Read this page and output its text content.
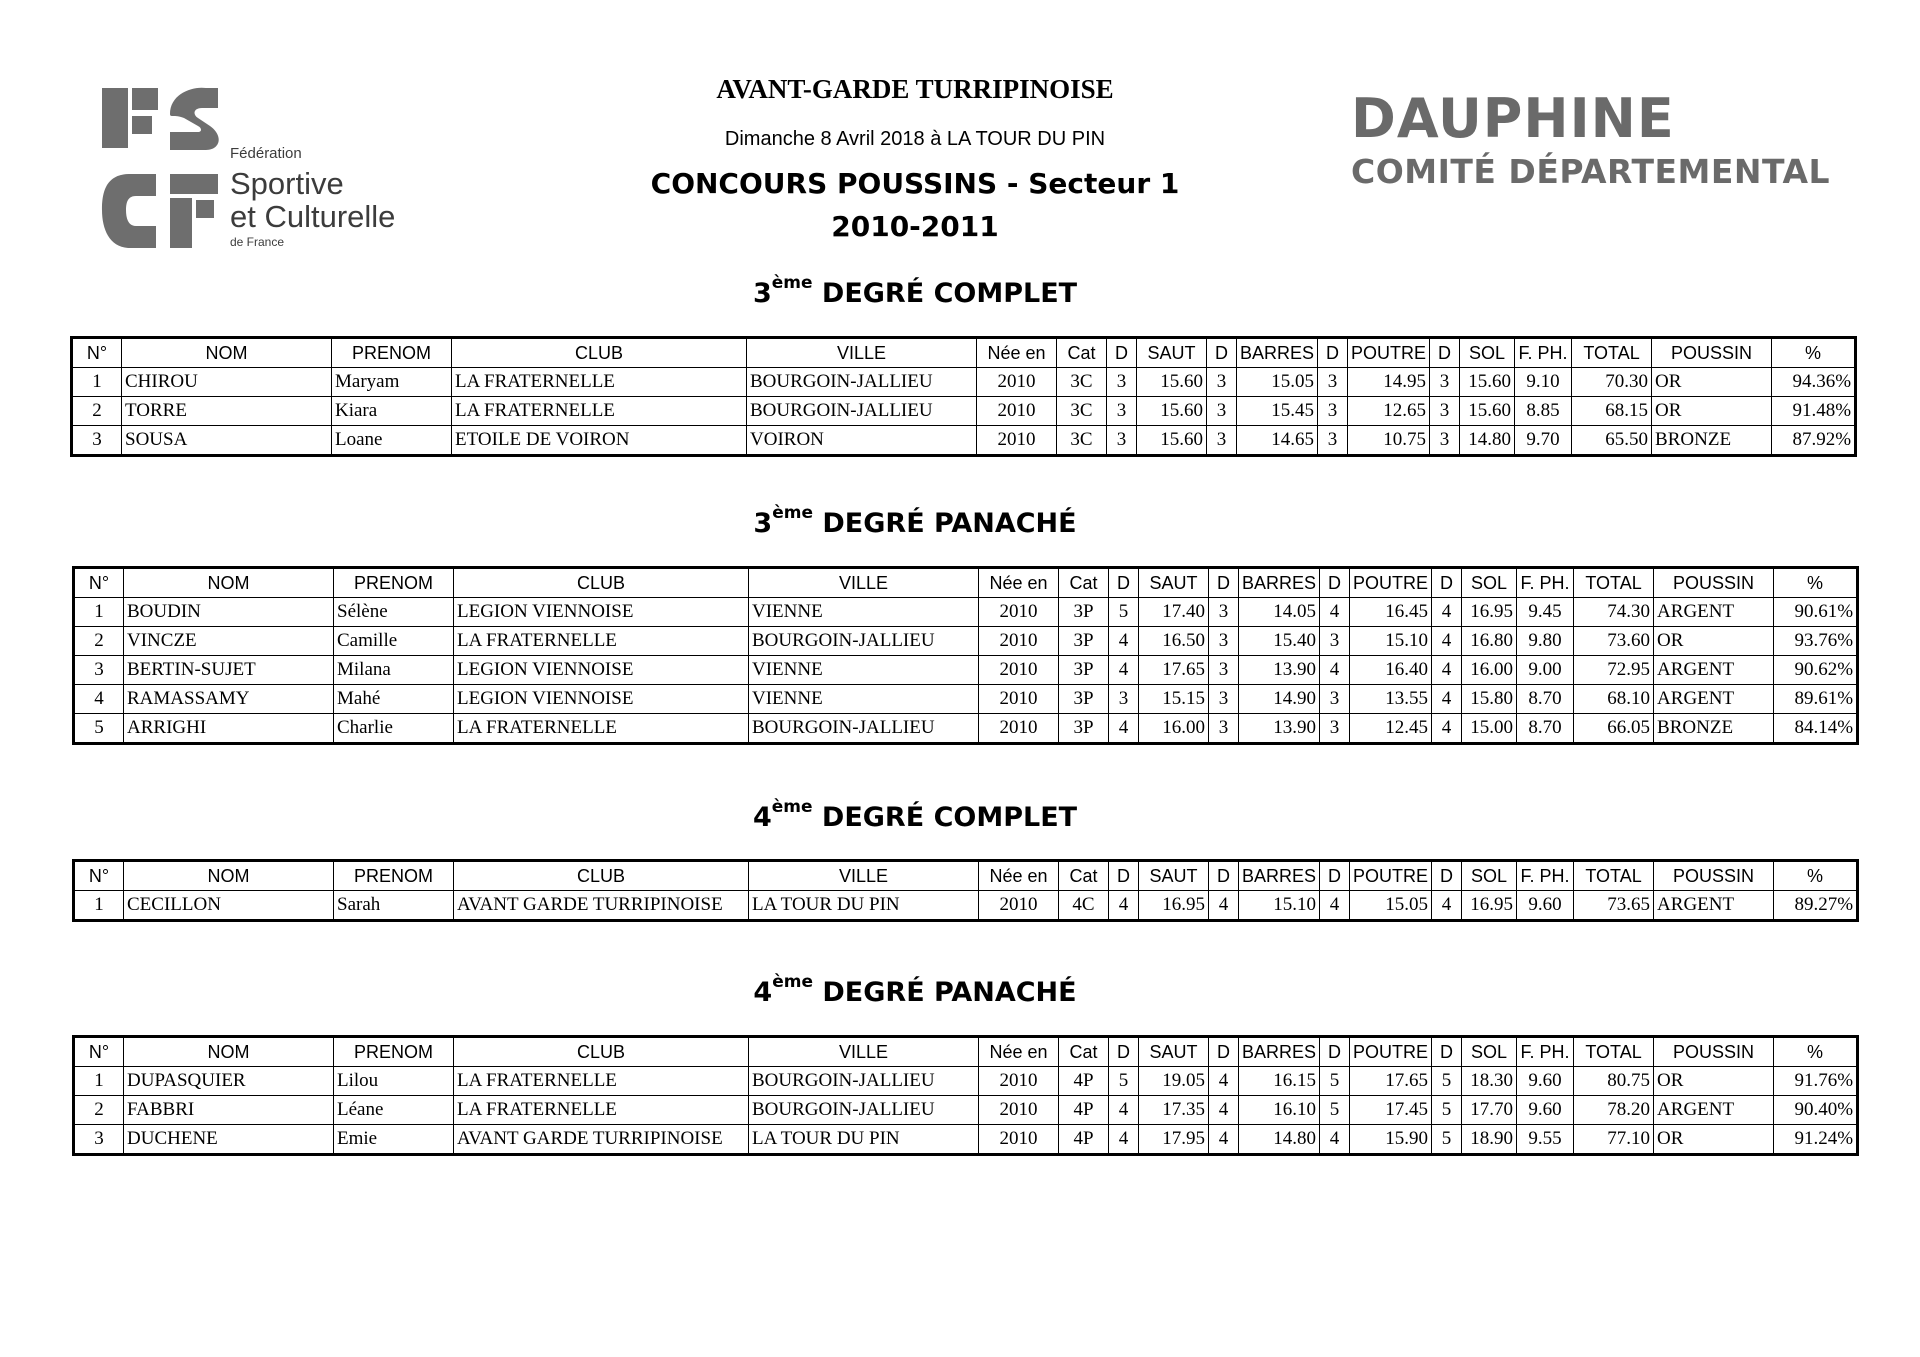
Fédération
Sportive
et Culturelle
de France
DAUPHINE
COMITÉ DÉPARTEMENTAL
AVANT-GARDE TURRIPINOISE
Dimanche 8 Avril 2018 à LA TOUR DU PIN
CONCOURS POUSSINS - Secteur 1
2010-2011
3ème DEGRÉ COMPLET
N°	NOM	PRENOM	CLUB	VILLE	Née en	Cat	D	SAUT	D	BARRES	D	POUTRE	D	SOL	F. PH.	TOTAL	POUSSIN	%
1	CHIROU	Maryam	LA FRATERNELLE	BOURGOIN-JALLIEU	2010	3C	3	15.60	3	15.05	3	14.95	3	15.60	9.10	70.30	OR	94.36%
2	TORRE	Kiara	LA FRATERNELLE	BOURGOIN-JALLIEU	2010	3C	3	15.60	3	15.45	3	12.65	3	15.60	8.85	68.15	OR	91.48%
3	SOUSA	Loane	ETOILE DE VOIRON	VOIRON	2010	3C	3	15.60	3	14.65	3	10.75	3	14.80	9.70	65.50	BRONZE	87.92%
3ème DEGRÉ PANACHÉ
N°	NOM	PRENOM	CLUB	VILLE	Née en	Cat	D	SAUT	D	BARRES	D	POUTRE	D	SOL	F. PH.	TOTAL	POUSSIN	%
1	BOUDIN	Sélène	LEGION VIENNOISE	VIENNE	2010	3P	5	17.40	3	14.05	4	16.45	4	16.95	9.45	74.30	ARGENT	90.61%
2	VINCZE	Camille	LA FRATERNELLE	BOURGOIN-JALLIEU	2010	3P	4	16.50	3	15.40	3	15.10	4	16.80	9.80	73.60	OR	93.76%
3	BERTIN-SUJET	Milana	LEGION VIENNOISE	VIENNE	2010	3P	4	17.65	3	13.90	4	16.40	4	16.00	9.00	72.95	ARGENT	90.62%
4	RAMASSAMY	Mahé	LEGION VIENNOISE	VIENNE	2010	3P	3	15.15	3	14.90	3	13.55	4	15.80	8.70	68.10	ARGENT	89.61%
5	ARRIGHI	Charlie	LA FRATERNELLE	BOURGOIN-JALLIEU	2010	3P	4	16.00	3	13.90	3	12.45	4	15.00	8.70	66.05	BRONZE	84.14%
4ème DEGRÉ COMPLET
N°	NOM	PRENOM	CLUB	VILLE	Née en	Cat	D	SAUT	D	BARRES	D	POUTRE	D	SOL	F. PH.	TOTAL	POUSSIN	%
1	CECILLON	Sarah	AVANT GARDE TURRIPINOISE	LA TOUR DU PIN	2010	4C	4	16.95	4	15.10	4	15.05	4	16.95	9.60	73.65	ARGENT	89.27%
4ème DEGRÉ PANACHÉ
N°	NOM	PRENOM	CLUB	VILLE	Née en	Cat	D	SAUT	D	BARRES	D	POUTRE	D	SOL	F. PH.	TOTAL	POUSSIN	%
1	DUPASQUIER	Lilou	LA FRATERNELLE	BOURGOIN-JALLIEU	2010	4P	5	19.05	4	16.15	5	17.65	5	18.30	9.60	80.75	OR	91.76%
2	FABBRI	Léane	LA FRATERNELLE	BOURGOIN-JALLIEU	2010	4P	4	17.35	4	16.10	5	17.45	5	17.70	9.60	78.20	ARGENT	90.40%
3	DUCHENE	Emie	AVANT GARDE TURRIPINOISE	LA TOUR DU PIN	2010	4P	4	17.95	4	14.80	4	15.90	5	18.90	9.55	77.10	OR	91.24%
